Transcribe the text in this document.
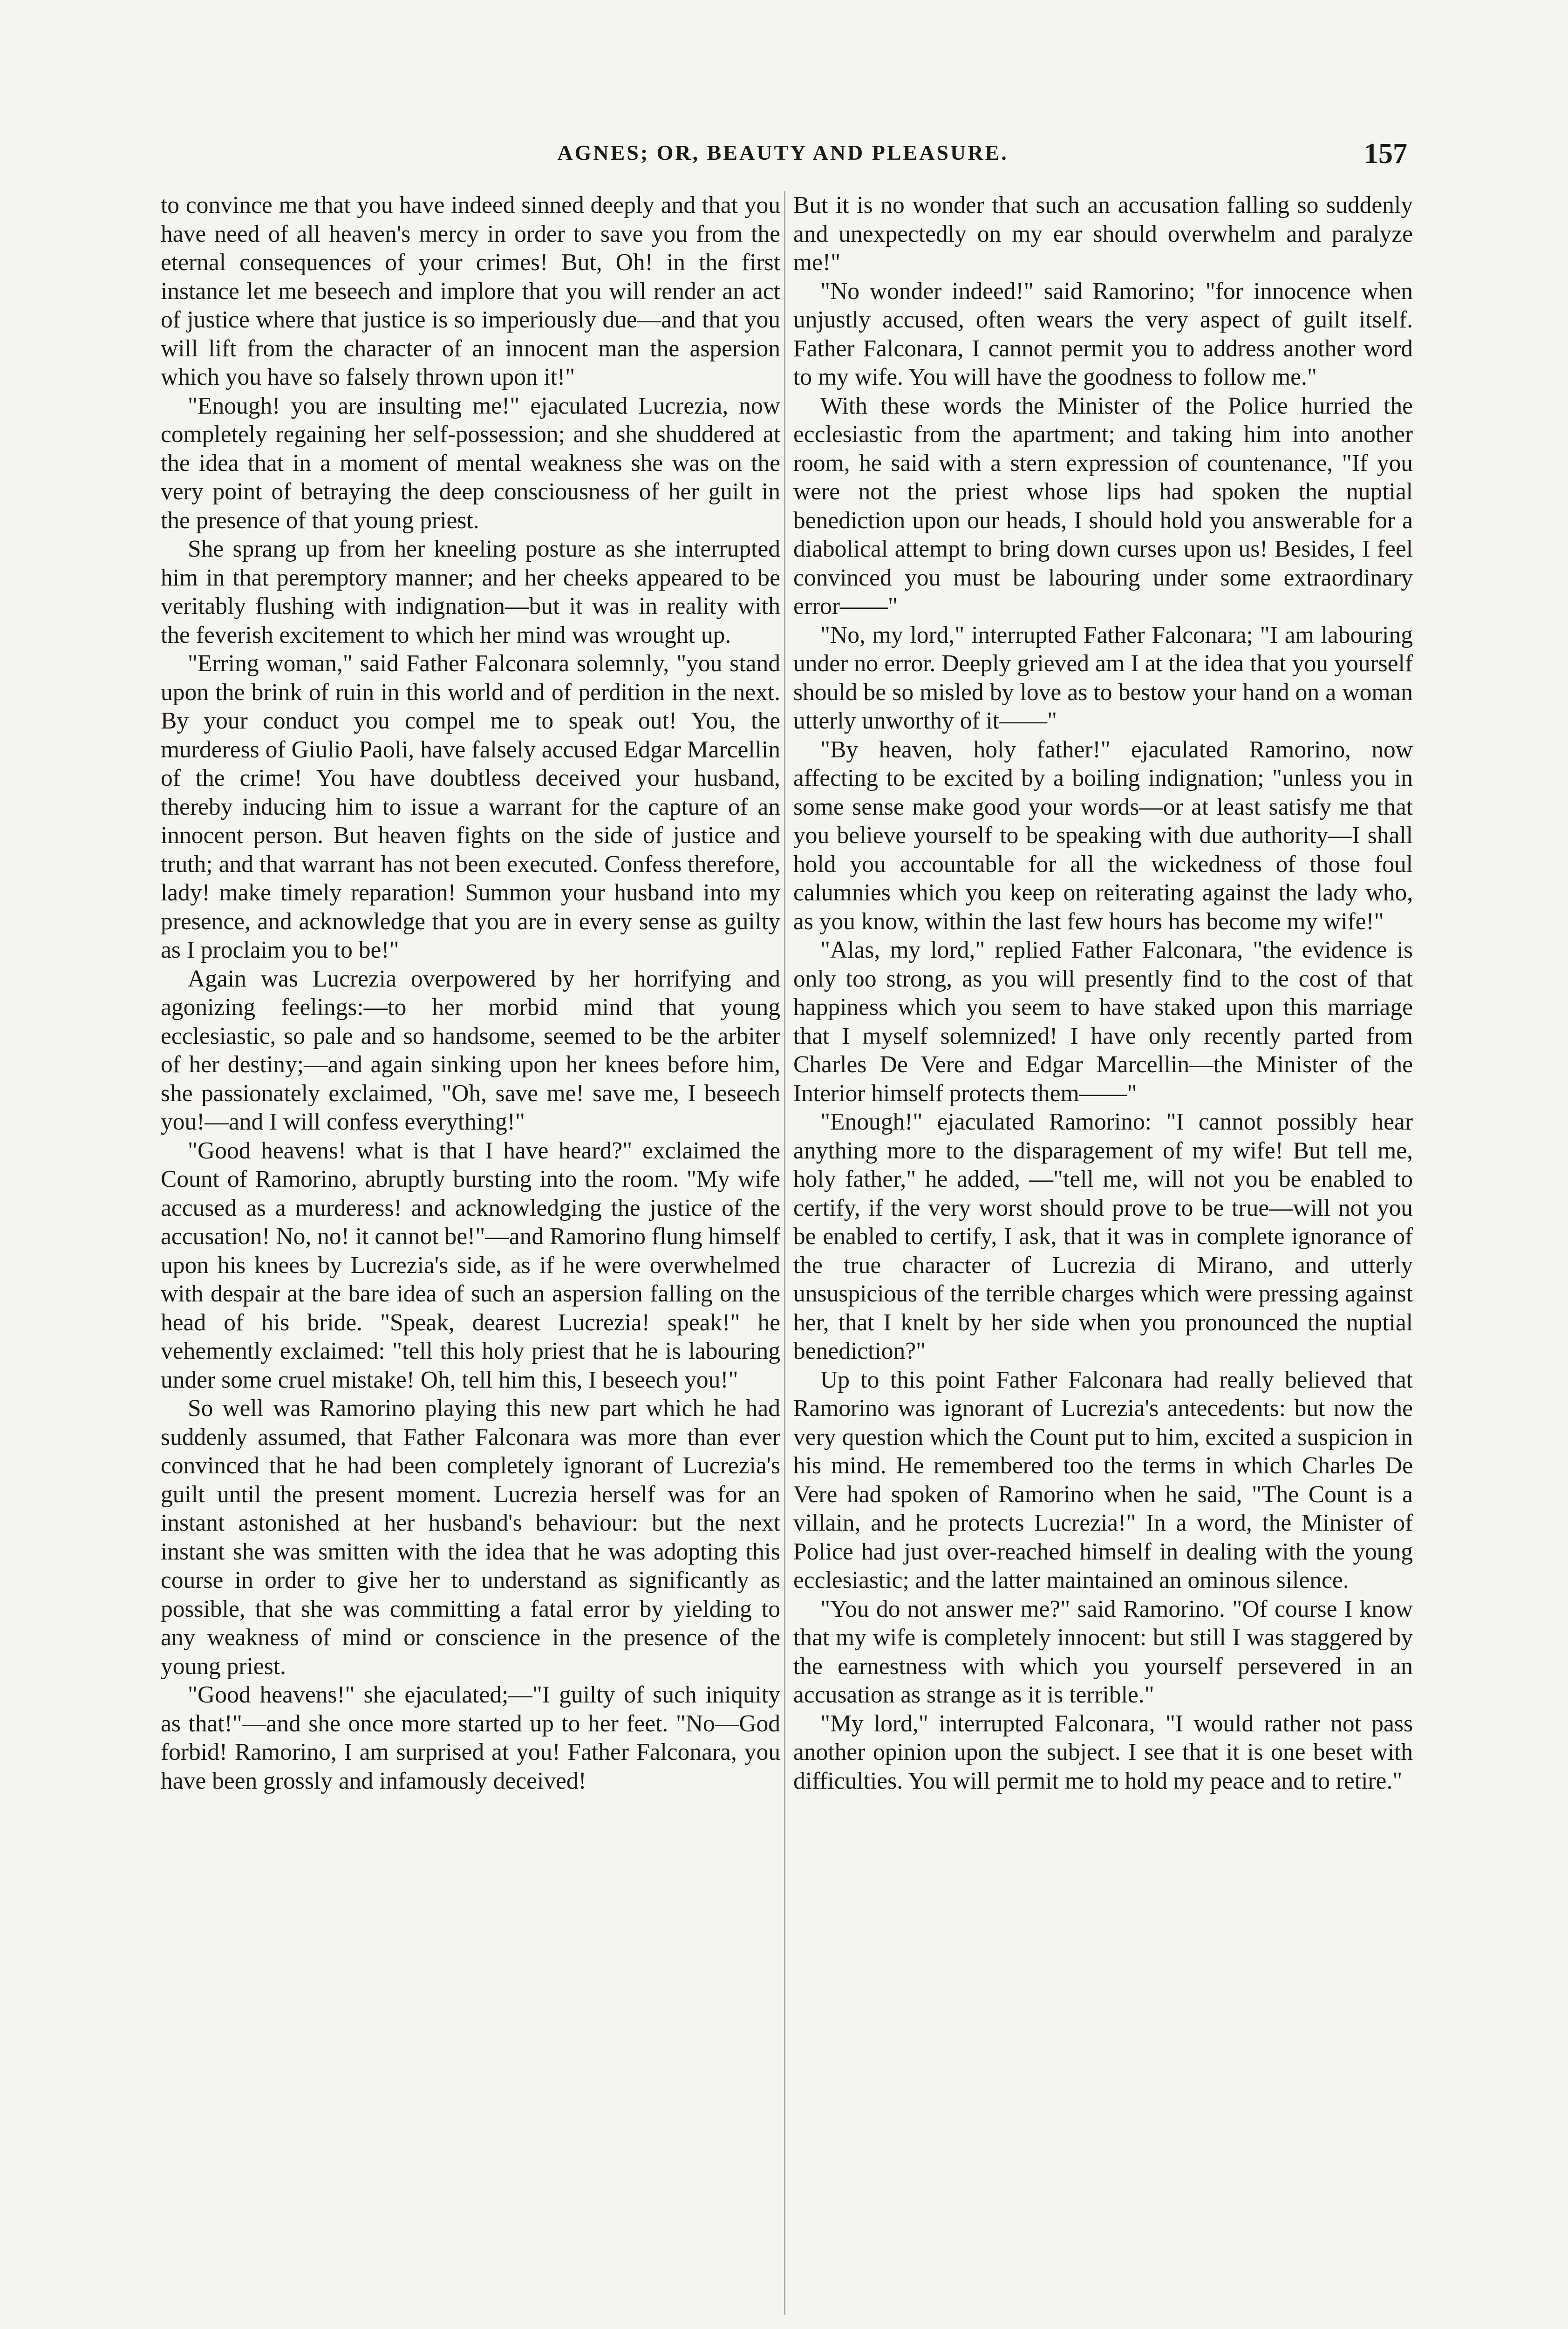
AGNES; OR, BEAUTY AND PLEASURE.	157

to convince me that you have indeed sinned deeply and that you have need of all heaven's mercy in order to save you from the eternal consequences of your crimes! But, Oh! in the first instance let me beseech and implore that you will render an act of justice where that justice is so imperiously due—and that you will lift from the character of an innocent man the aspersion which you have so falsely thrown upon it!"

"Enough! you are insulting me!" ejaculated Lucrezia, now completely regaining her self-possession; and she shuddered at the idea that in a moment of mental weakness she was on the very point of betraying the deep consciousness of her guilt in the presence of that young priest.

She sprang up from her kneeling posture as she interrupted him in that peremptory manner; and her cheeks appeared to be veritably flushing with indignation—but it was in reality with the feverish excitement to which her mind was wrought up.

"Erring woman," said Father Falconara solemnly, "you stand upon the brink of ruin in this world and of perdition in the next. By your conduct you compel me to speak out! You, the murderess of Giulio Paoli, have falsely accused Edgar Marcellin of the crime! You have doubtless deceived your husband, thereby inducing him to issue a warrant for the capture of an innocent person. But heaven fights on the side of justice and truth; and that warrant has not been executed. Confess therefore, lady! make timely reparation! Summon your husband into my presence, and acknowledge that you are in every sense as guilty as I proclaim you to be!"

Again was Lucrezia overpowered by her horrifying and agonizing feelings:—to her morbid mind that young ecclesiastic, so pale and so handsome, seemed to be the arbiter of her destiny;—and again sinking upon her knees before him, she passionately exclaimed, "Oh, save me! save me, I beseech you!—and I will confess everything!"

"Good heavens! what is that I have heard?" exclaimed the Count of Ramorino, abruptly bursting into the room. "My wife accused as a murderess! and acknowledging the justice of the accusation! No, no! it cannot be!"—and Ramorino flung himself upon his knees by Lucrezia's side, as if he were overwhelmed with despair at the bare idea of such an aspersion falling on the head of his bride. "Speak, dearest Lucrezia! speak!" he vehemently exclaimed: "tell this holy priest that he is labouring under some cruel mistake! Oh, tell him this, I beseech you!"

So well was Ramorino playing this new part which he had suddenly assumed, that Father Falconara was more than ever convinced that he had been completely ignorant of Lucrezia's guilt until the present moment. Lucrezia herself was for an instant astonished at her husband's behaviour: but the next instant she was smitten with the idea that he was adopting this course in order to give her to understand as significantly as possible, that she was committing a fatal error by yielding to any weakness of mind or conscience in the presence of the young priest.

"Good heavens!" she ejaculated;—"I guilty of such iniquity as that!"—and she once more started up to her feet. "No—God forbid! Ramorino, I am surprised at you! Father Falconara, you have been grossly and infamously deceived!

But it is no wonder that such an accusation falling so suddenly and unexpectedly on my ear should overwhelm and paralyze me!"

"No wonder indeed!" said Ramorino; "for innocence when unjustly accused, often wears the very aspect of guilt itself. Father Falconara, I cannot permit you to address another word to my wife. You will have the goodness to follow me."

With these words the Minister of the Police hurried the ecclesiastic from the apartment; and taking him into another room, he said with a stern expression of countenance, "If you were not the priest whose lips had spoken the nuptial benediction upon our heads, I should hold you answerable for a diabolical attempt to bring down curses upon us! Besides, I feel convinced you must be labouring under some extraordinary error——"

"No, my lord," interrupted Father Falconara; "I am labouring under no error. Deeply grieved am I at the idea that you yourself should be so misled by love as to bestow your hand on a woman utterly unworthy of it——"

"By heaven, holy father!" ejaculated Ramorino, now affecting to be excited by a boiling indignation; "unless you in some sense make good your words—or at least satisfy me that you believe yourself to be speaking with due authority—I shall hold you accountable for all the wickedness of those foul calumnies which you keep on reiterating against the lady who, as you know, within the last few hours has become my wife!"

"Alas, my lord," replied Father Falconara, "the evidence is only too strong, as you will presently find to the cost of that happiness which you seem to have staked upon this marriage that I myself solemnized! I have only recently parted from Charles De Vere and Edgar Marcellin—the Minister of the Interior himself protects them——"

"Enough!" ejaculated Ramorino: "I cannot possibly hear anything more to the disparagement of my wife! But tell me, holy father," he added, —"tell me, will not you be enabled to certify, if the very worst should prove to be true—will not you be enabled to certify, I ask, that it was in complete ignorance of the true character of Lucrezia di Mirano, and utterly unsuspicious of the terrible charges which were pressing against her, that I knelt by her side when you pronounced the nuptial benediction?"

Up to this point Father Falconara had really believed that Ramorino was ignorant of Lucrezia's antecedents: but now the very question which the Count put to him, excited a suspicion in his mind. He remembered too the terms in which Charles De Vere had spoken of Ramorino when he said, "The Count is a villain, and he protects Lucrezia!" In a word, the Minister of Police had just over-reached himself in dealing with the young ecclesiastic; and the latter maintained an ominous silence.

"You do not answer me?" said Ramorino. "Of course I know that my wife is completely innocent: but still I was staggered by the earnestness with which you yourself persevered in an accusation as strange as it is terrible."

"My lord," interrupted Falconara, "I would rather not pass another opinion upon the subject. I see that it is one beset with difficulties. You will permit me to hold my peace and to retire."
